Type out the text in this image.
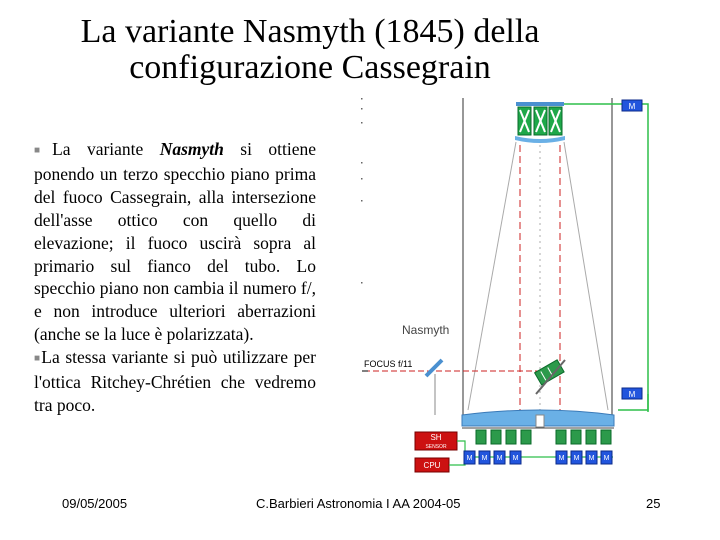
La variante Nasmyth (1845) della
configurazione Cassegrain
■La variante Nasmyth si ottiene ponendo un terzo specchio piano prima del fuoco Cassegrain, alla intersezione dell'asse ottico con quello di elevazione; il fuoco uscirà sopra al primario sul fianco del tubo. Lo specchio piano non cambia il numero f/, e non introduce ulteriori aberrazioni (anche se la luce è polarizzata).
■La stessa variante si può utilizzare per l'ottica Ritchey-Chrétien che vedremo tra poco.
M
Nasmyth
FOCUS f/11
M
SH
SENSOR
CPU
M M M M	M M M M
09/05/2005	C.Barbieri Astronomia I AA 2004-05	25
